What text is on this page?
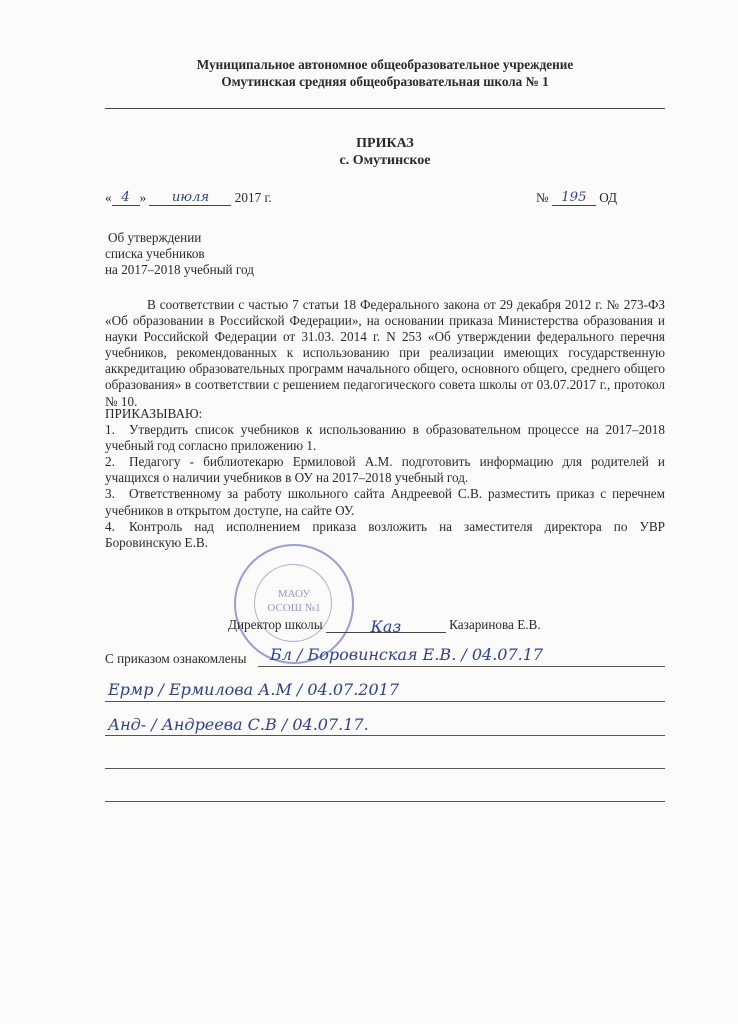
Муниципальное автономное общеобразовательное учреждение
Омутинская средняя общеобразовательная школа № 1
ПРИКАЗ
с. Омутинское
« 4 » июля 2017 г.	№ 195 ОД
Об утверждении
списка учебников
на 2017–2018 учебный год

В соответствии с частью 7 статьи 18 Федерального закона от 29 декабря 2012 г. № 273-ФЗ «Об образовании в Российской Федерации», на основании приказа Министерства образования и науки Российской Федерации от 31.03. 2014 г. N 253 «Об утверждении федерального перечня учебников, рекомендованных к использованию при реализации имеющих государственную аккредитацию образовательных программ начального общего, основного общего, среднего общего образования» в соответствии с решением педагогического совета школы от 03.07.2017 г., протокол № 10.

ПРИКАЗЫВАЮ:

1. Утвердить список учебников к использованию в образовательном процессе на 2017–2018 учебный год согласно приложению 1.

2. Педагогу - библиотекарю Ермиловой А.М. подготовить информацию для родителей и учащихся о наличии учебников в ОУ на 2017–2018 учебный год.

3. Ответственному за работу школьного сайта Андреевой С.В. разместить приказ с перечнем учебников в открытом доступе, на сайте ОУ.

4. Контроль над исполнением приказа возложить на заместителя директора по УВР Боровинскую Е.В.

МАОУ
ОСОШ №1
Директор школы	Каз	Казаринова Е.В.
С приказом ознакомлены Бл / Боровинская Е.В. / 04.07.17
Ермр / Ермилова А.М / 04.07.2017
Анд- / Андреева С.В / 04.07.17.
